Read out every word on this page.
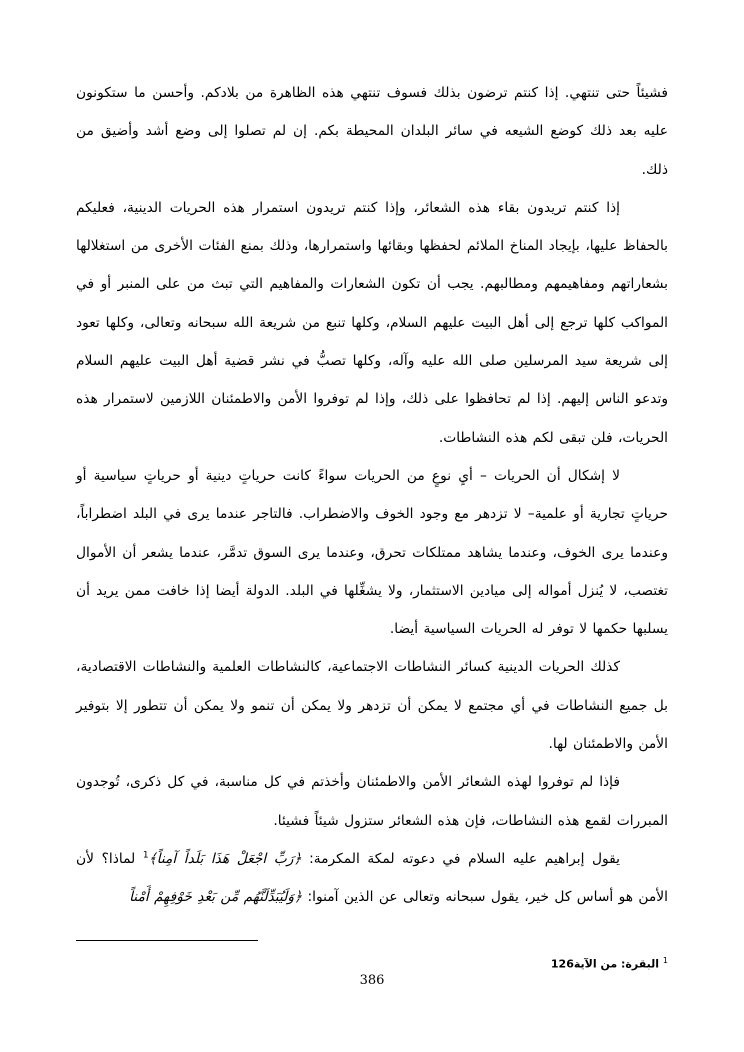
فشيئاً حتى تنتهي. إذا كنتم ترضون بذلك فسوف تنتهي هذه الظاهرة من بلادكم. وأحسن ما ستكونون عليه بعد ذلك كوضع الشيعه في سائر البلدان المحيطة بكم. إن لم تصلوا إلى وضع أشد وأضيق من ذلك.

إذا كنتم تريدون بقاء هذه الشعائر، وإذا كنتم تريدون استمرار هذه الحريات الدينية، فعليكم بالحفاظ عليها، بإيجاد المناخ الملائم لحفظها وبقائها واستمرارها، وذلك بمنع الفئات الأخرى من استغلالها بشعاراتهم ومفاهيمهم ومطالبهم. يجب أن تكون الشعارات والمفاهيم التي تبث من على المنبر أو في المواكب كلها ترجع إلى أهل البيت عليهم السلام، وكلها تنبع من شريعة الله سبحانه وتعالى، وكلها تعود إلى شريعة سيد المرسلين صلى الله عليه وآله، وكلها تصبُّ في نشر قضية أهل البيت عليهم السلام وتدعو الناس إليهم. إذا لم تحافظوا على ذلك، وإذا لم توفروا الأمن والاطمئنان اللازمين لاستمرار هذه الحريات، فلن تبقى لكم هذه النشاطات.

لا إشكال أن الحريات – أيِ نوعٍ من الحريات سواءً كانت حرياتٍ دينية أو حرياتٍ سياسية أو حرياتٍ تجارية أو علمية– لا تزدهر مع وجود الخوف والاضطراب. فالتاجر عندما يرى في البلد اضطراباً، وعندما يرى الخوف، وعندما يشاهد ممتلكات تحرق، وعندما يرى السوق تدمَّر، عندما يشعر أن الأموال تغتصب، لا يُنزل أمواله إلى ميادين الاستثمار، ولا يشغِّلها في البلد. الدولة أيضا إذا خافت ممن يريد أن يسلبها حكمها لا توفر له الحريات السياسية أيضا.

كذلك الحريات الدينية كسائر النشاطات الاجتماعية، كالنشاطات العلمية والنشاطات الاقتصادية، بل جميع النشاطات في أي مجتمع لا يمكن أن تزدهر ولا يمكن أن تنمو ولا يمكن أن تتطور إلا بتوفير الأمن والاطمئنان لها.

فإذا لم توفروا لهذه الشعائر الأمن والاطمئنان وأخذتم في كل مناسبة، في كل ذكرى، تُوجدون المبررات لقمع هذه النشاطات، فإن هذه الشعائر ستزول شيئاً فشيئا.

يقول إبراهيم عليه السلام في دعوته لمكة المكرمة: ﴿رَبِّ اجْعَلْ هَذَا بَلَداً آمِناً﴾$^1$ لماذا؟ لأن الأمن هو أساس كل خير، يقول سبحانه وتعالى عن الذين آمنوا: ﴿وَلَيُبَدِّلَنَّهُم مِّن بَعْدِ خَوْفِهِمْ أَمْناً

$^1$ البقرة: من الآية126
386
